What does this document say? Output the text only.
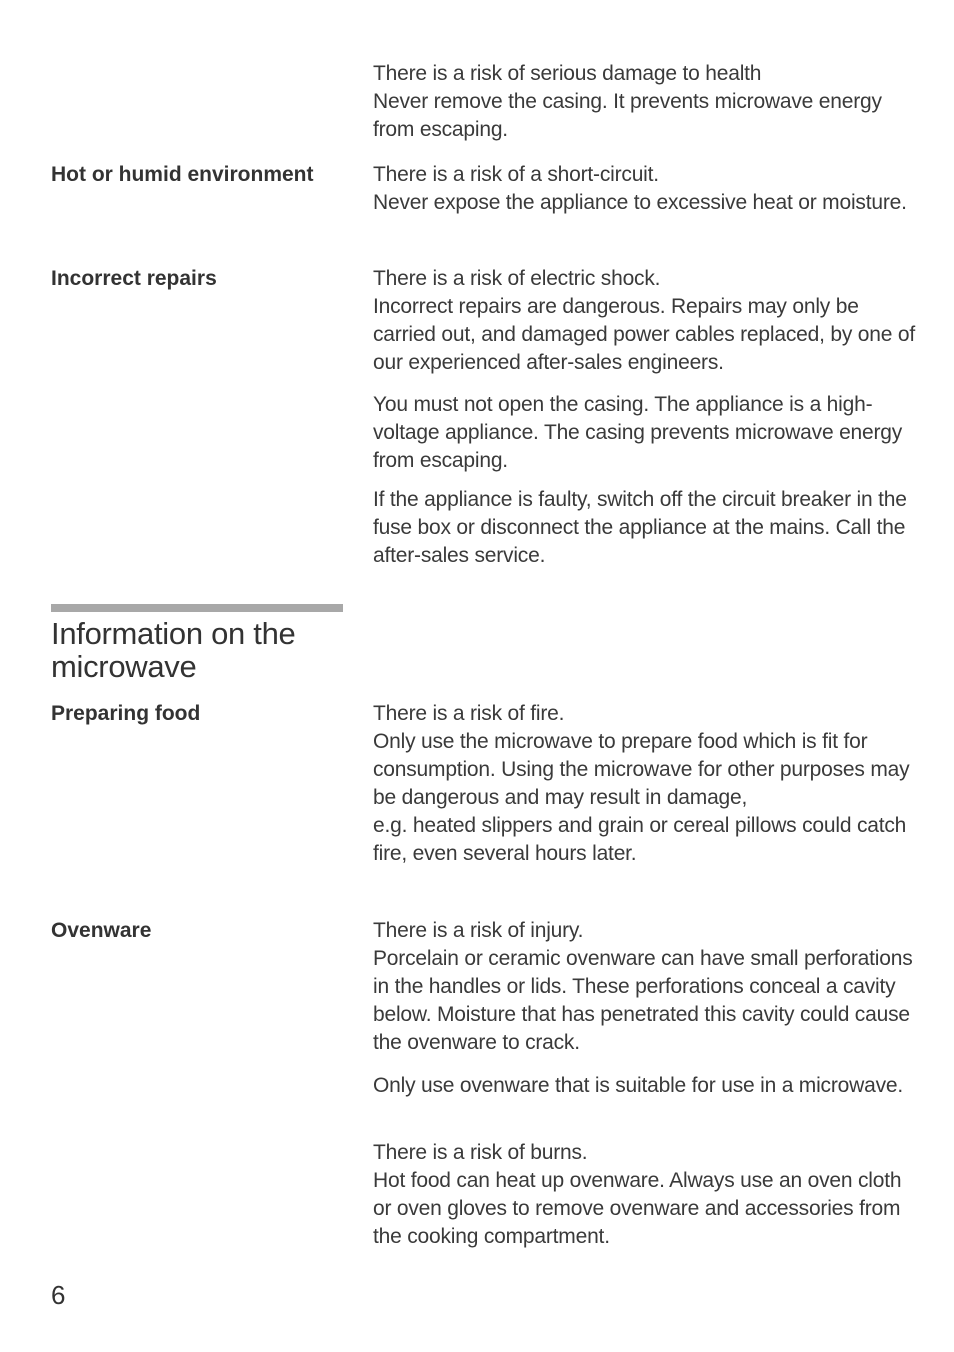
There is a risk of serious damage to health
Never remove the casing. It prevents microwave energy from escaping.

Hot or humid environment	There is a risk of a short-circuit.
Never expose the appliance to excessive heat or moisture.

Incorrect repairs	There is a risk of electric shock.
Incorrect repairs are dangerous. Repairs may only be carried out, and damaged power cables replaced, by one of our experienced after-sales engineers.

You must not open the casing. The appliance is a high-voltage appliance. The casing prevents microwave energy from escaping.

If the appliance is faulty, switch off the circuit breaker in the fuse box or disconnect the appliance at the mains. Call the after-sales service.

Information on the microwave
Preparing food	There is a risk of fire.
Only use the microwave to prepare food which is fit for consumption. Using the microwave for other purposes may be dangerous and may result in damage,
e.g. heated slippers and grain or cereal pillows could catch fire, even several hours later.

Ovenware	There is a risk of injury.
Porcelain or ceramic ovenware can have small perforations in the handles or lids. These perforations conceal a cavity below. Moisture that has penetrated this cavity could cause the ovenware to crack.

Only use ovenware that is suitable for use in a microwave.

There is a risk of burns.
Hot food can heat up ovenware. Always use an oven cloth or oven gloves to remove ovenware and accessories from the cooking compartment.

6
